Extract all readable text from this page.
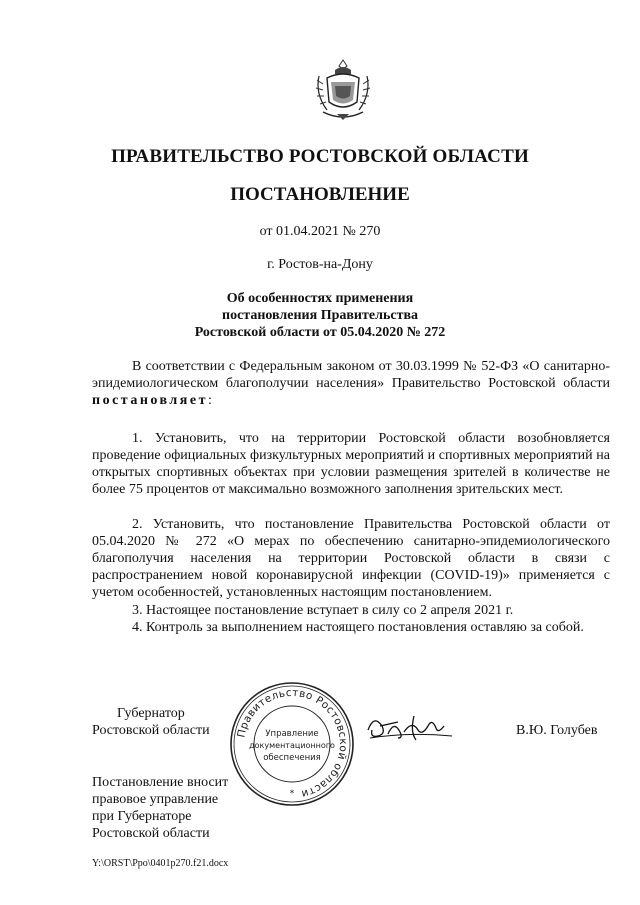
ПРАВИТЕЛЬСТВО РОСТОВСКОЙ ОБЛАСТИ
ПОСТАНОВЛЕНИЕ
от 01.04.2021 № 270
г. Ростов-на-Дону
Об особенностях применения
постановления Правительства
Ростовской области от 05.04.2020 № 272
В соответствии с Федеральным законом от 30.03.1999 № 52-ФЗ «О санитарно-эпидемиологическом благополучии населения» Правительство Ростовской области постановляет:
1. Установить, что на территории Ростовской области возобновляется проведение официальных физкультурных мероприятий и спортивных мероприятий на открытых спортивных объектах при условии размещения зрителей в количестве не более 75 процентов от максимально возможного заполнения зрительских мест.
2. Установить, что постановление Правительства Ростовской области от 05.04.2020 № 272 «О мерах по обеспечению санитарно-эпидемиологического благополучия населения на территории Ростовской области в связи с распространением новой коронавирусной инфекции (COVID-19)» применяется с учетом особенностей, установленных настоящим постановлением.
3. Настоящее постановление вступает в силу со 2 апреля 2021 г.
4. Контроль за выполнением настоящего постановления оставляю за собой.
Губернатор
Ростовской области Правительство Ростовской области
Управление
документационного
обеспечения
*
В.Ю. Голубев
Постановление вносит
правовое управление
при Губернаторе
Ростовской области
Y:\ORST\Ppo\0401p270.f21.docx
